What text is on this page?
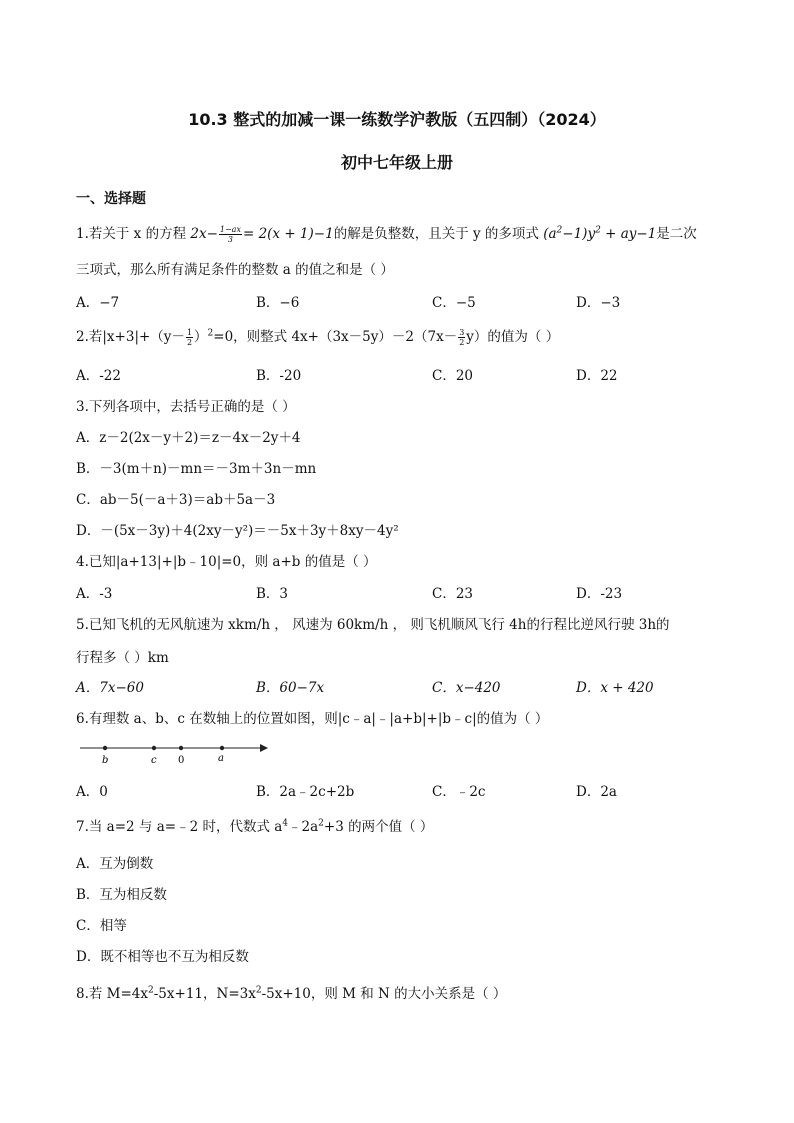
10.3 整式的加减一课一练数学沪教版（五四制）（2024）
初中七年级上册
一、选择题
1.若关于 x 的方程 $2x- \frac{1-ax}{3} = 2(x + 1)-1$的解是负整数，且关于 y 的多项式 $(a^2-1)y^2 + ay-1$是二次
三项式，那么所有满足条件的整数 a 的值之和是（ ）
A．−7	B．−6	C．−5	D．−3
2.若$|x+3|+(y- \frac{1}{2} )^2=0$，则整式 $4x+(3x-5y)-2(7x- \frac{3}{2} y)$的值为（ ）
A．-22	B．-20	C．20	D．22
3.下列各项中，去括号正确的是（ ）
A．z－2(2x－y＋2)＝z－4x－2y＋4
B．－3(m＋n)－mn＝－3m＋3n－mn
C．ab－5(－a＋3)＝ab＋5a－3
D．－(5x－3y)＋4(2xy－y²)＝－5x＋3y＋8xy－4y²
4.已知|a+13|+|b﹣10|=0，则 a+b 的值是（ ）
A．-3	B．3	C．23	D．-23
5.已知飞机的无风航速为 xkm/h ， 风速为 60km/h ， 则飞机顺风飞行 4h的行程比逆风行驶 3h的
行程多（ ）km
A．7x−60	B．60−7x	C．x−420	D．x + 420
6.有理数 a、b、c 在数轴上的位置如图，则|c﹣a|﹣|a+b|+|b﹣c|的值为（ ）
b	c 0	a
A．0	B．2a﹣2c+2b	C．﹣2c	D．2a
7.当 a=2 与 a=﹣2 时，代数式 $a^4﹣2a^2+3$ 的两个值（ ）
A．互为倒数
B．互为相反数
C．相等
D．既不相等也不互为相反数
8.若 $M=4x^2-5x+11$，$N=3x^2-5x+10$，则 M 和 N 的大小关系是（ ）
